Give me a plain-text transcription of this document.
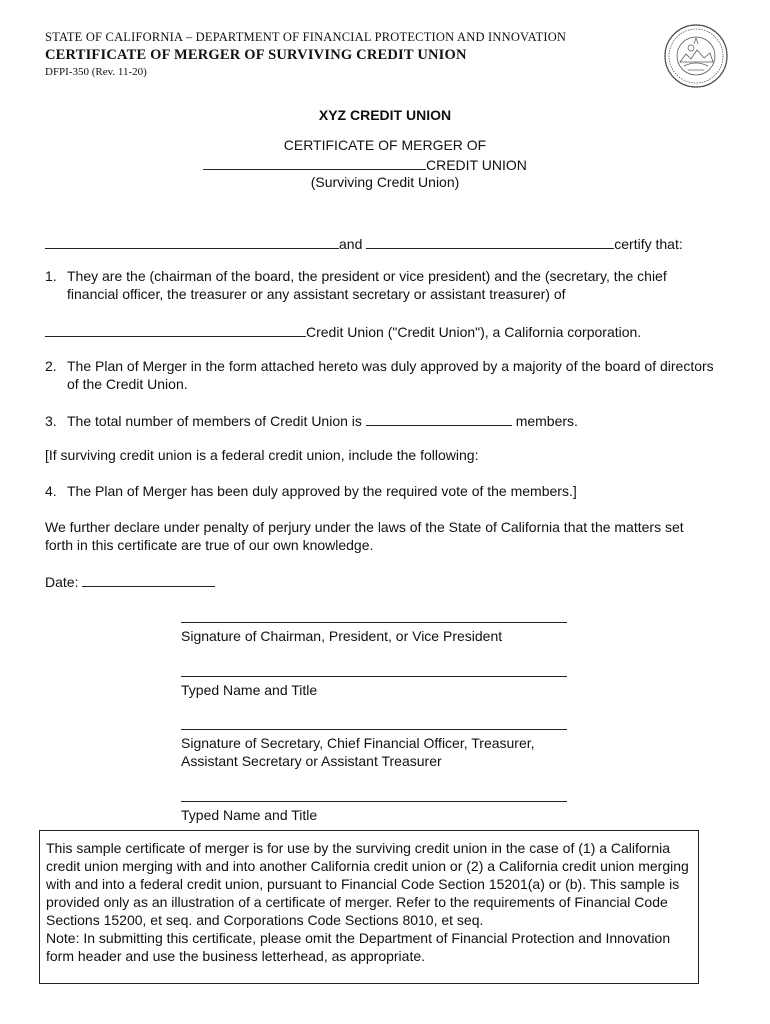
STATE OF CALIFORNIA – DEPARTMENT OF FINANCIAL PROTECTION AND INNOVATION
CERTIFICATE OF MERGER OF SURVIVING CREDIT UNION
DFPI-350 (Rev. 11-20)
XYZ CREDIT UNION
CERTIFICATE OF MERGER OF
CREDIT UNION
(Surviving Credit Union)
and	certify that:
1. They are the (chairman of the board, the president or vice president) and the (secretary, the chief financial officer, the treasurer or any assistant secretary or assistant treasurer) of
Credit Union ("Credit Union"), a California corporation.
2. The Plan of Merger in the form attached hereto was duly approved by a majority of the board of directors of the Credit Union.
3. The total number of members of Credit Union is	members.
[If surviving credit union is a federal credit union, include the following:
4. The Plan of Merger has been duly approved by the required vote of the members.]
We further declare under penalty of perjury under the laws of the State of California that the matters set forth in this certificate are true of our own knowledge.
Date:
Signature of Chairman, President, or Vice President
Typed Name and Title
Signature of Secretary, Chief Financial Officer, Treasurer,
Assistant Secretary or Assistant Treasurer
Typed Name and Title
This sample certificate of merger is for use by the surviving credit union in the case of (1) a California credit union merging with and into another California credit union or (2) a California credit union merging with and into a federal credit union, pursuant to Financial Code Section 15201(a) or (b). This sample is provided only as an illustration of a certificate of merger. Refer to the requirements of Financial Code Sections 15200, et seq. and Corporations Code Sections 8010, et seq.
Note: In submitting this certificate, please omit the Department of Financial Protection and Innovation form header and use the business letterhead, as appropriate.
